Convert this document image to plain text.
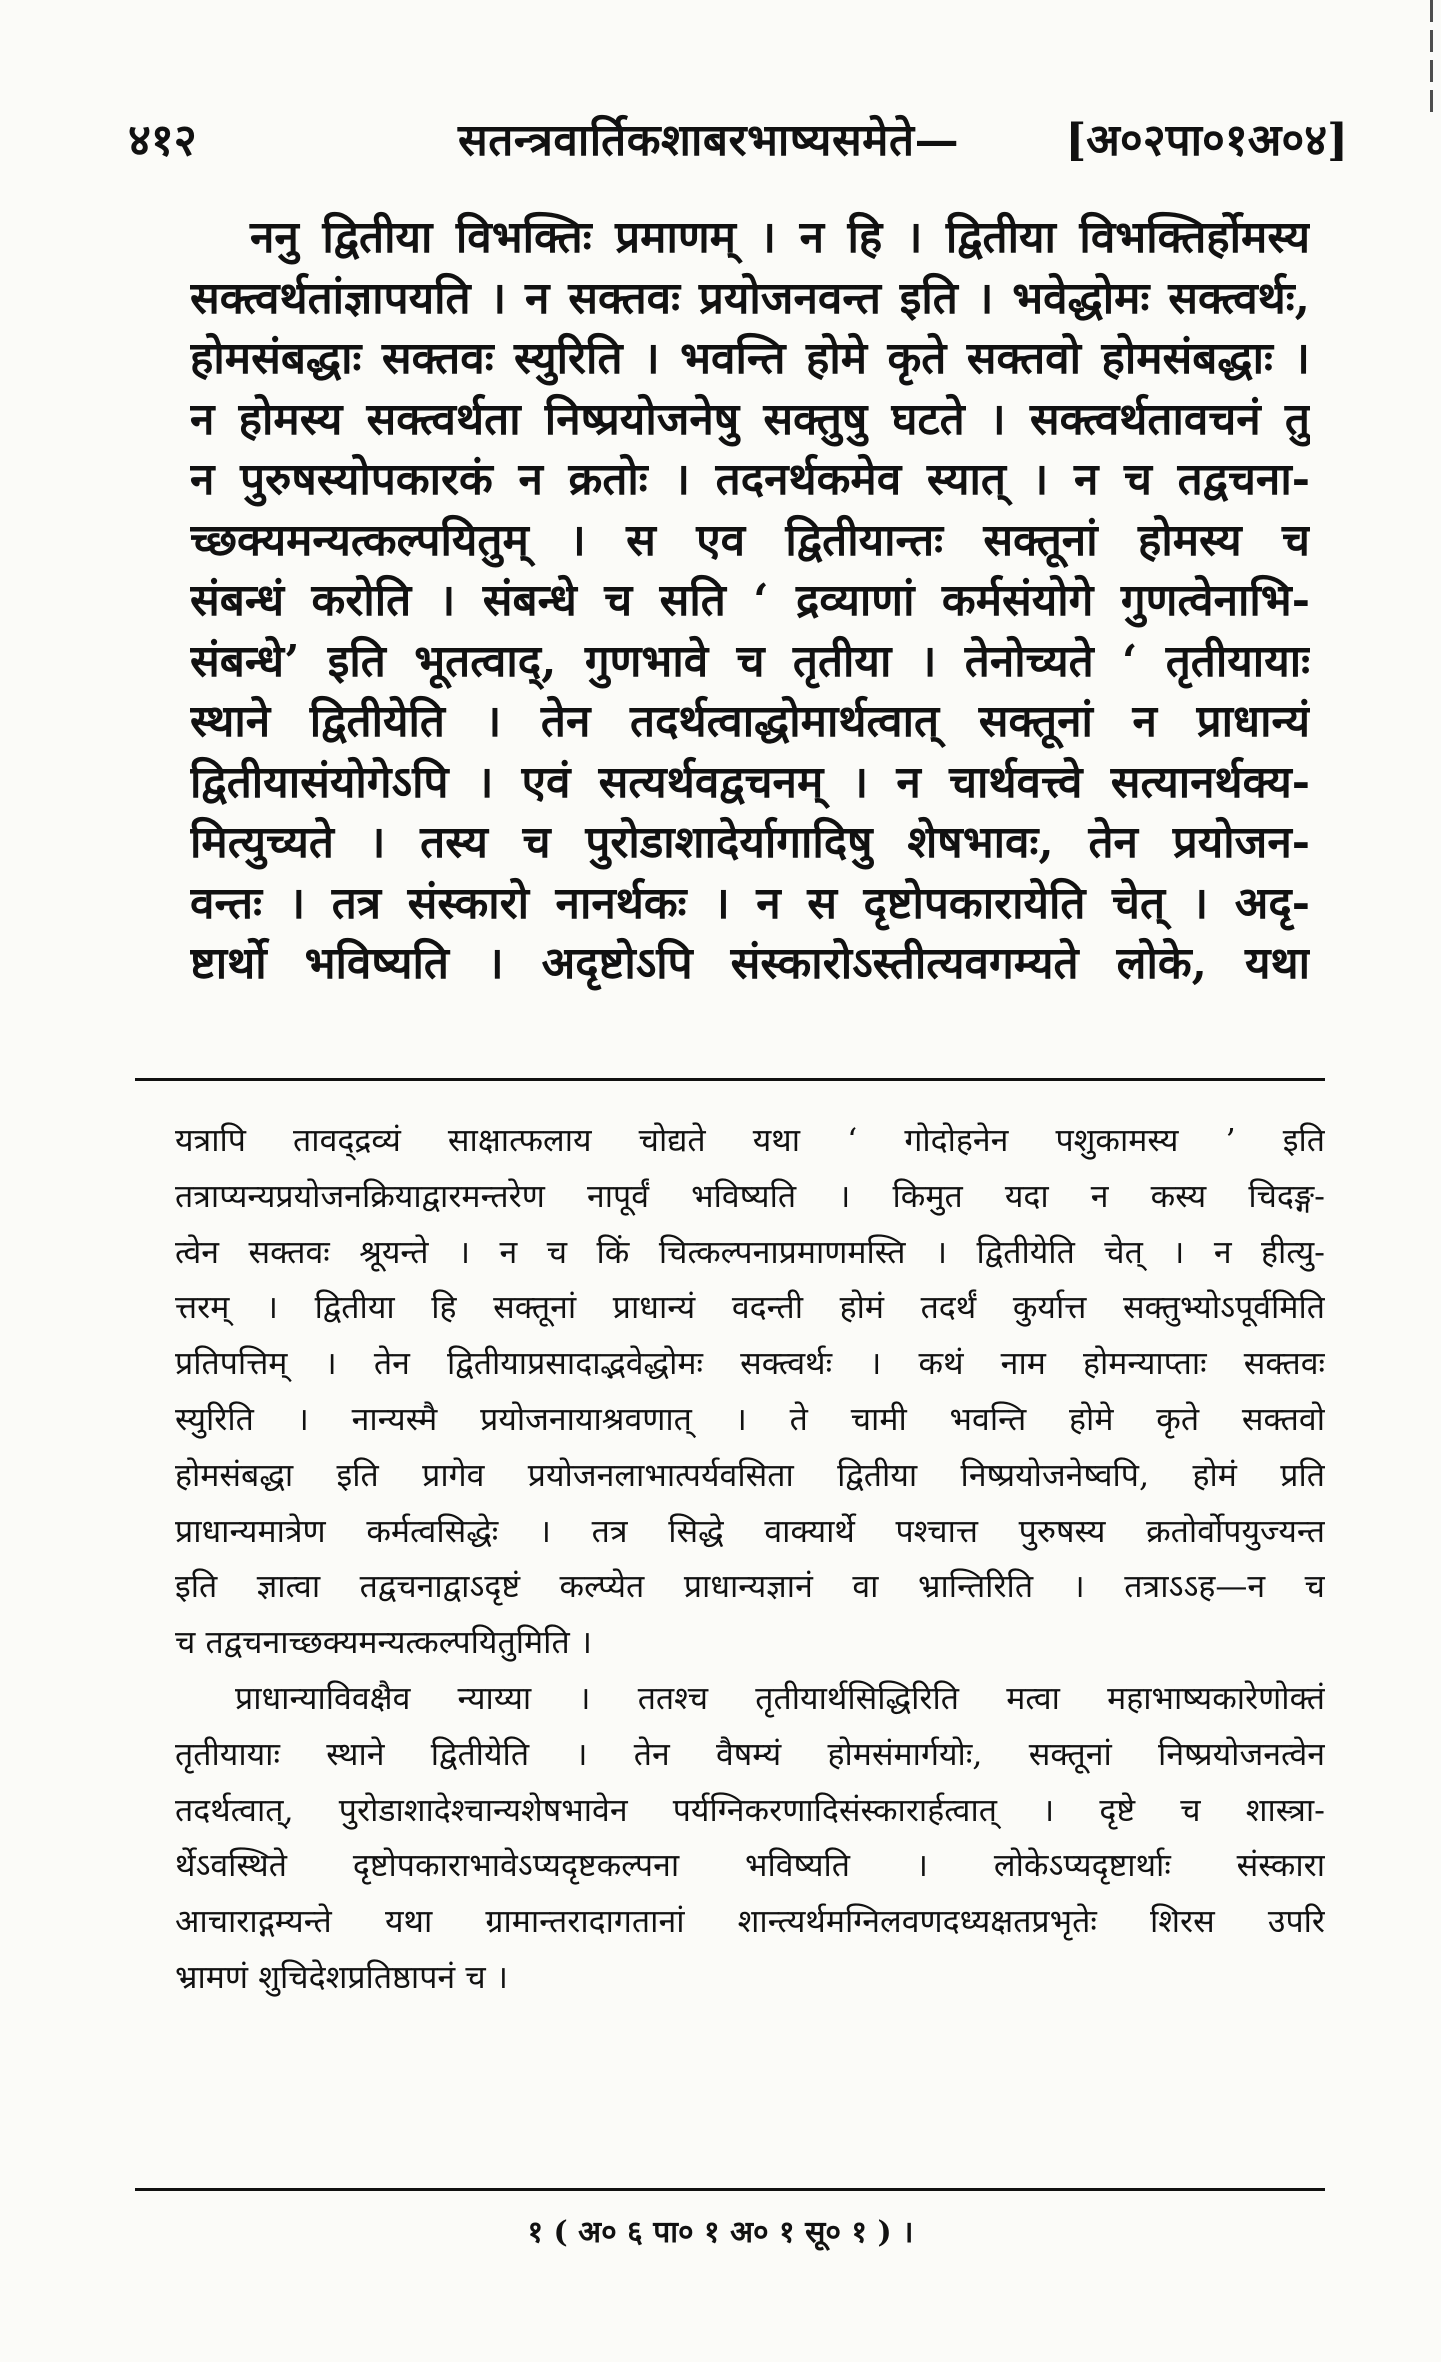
४१२	सतन्त्रवार्तिकशाबरभाष्यसमेते— [अ०२पा०१अ०४]
ननु द्वितीया विभक्तिः प्रमाणम् । न हि । द्वितीया विभक्तिर्होमस्य
सक्त्वर्थतांज्ञापयति । न सक्तवः प्रयोजनवन्त इति । भवेद्धोमः सक्त्वर्थः,
होमसंबद्धाः सक्तवः स्युरिति । भवन्ति होमे कृते सक्तवो होमसंबद्धाः ।
न होमस्य सक्त्वर्थता निष्प्रयोजनेषु सक्तुषु घटते । सक्त्वर्थतावचनं तु
न पुरुषस्योपकारकं न क्रतोः । तदनर्थकमेव स्यात् । न च तद्वचना-
च्छक्यमन्यत्कल्पयितुम् । स एव द्वितीयान्तः सक्तूनां होमस्य च
संबन्धं करोति । संबन्धे च सति ‘ द्रव्याणां कर्मसंयोगे गुणत्वेनाभि-
संबन्धे’ इति भूतत्वाद्, गुणभावे च तृतीया । तेनोच्यते ‘ तृतीयायाः
स्थाने द्वितीयेति । तेन तदर्थत्वाद्धोमार्थत्वात् सक्तूनां न प्राधान्यं
द्वितीयासंयोगेऽपि । एवं सत्यर्थवद्वचनम् । न चार्थवत्त्वे सत्यानर्थक्य-
मित्युच्यते । तस्य च पुरोडाशादेर्यागादिषु शेषभावः, तेन प्रयोजन-
वन्तः । तत्र संस्कारो नानर्थकः । न स दृष्टोपकारायेति चेत् । अदृ-
ष्टार्थो भविष्यति । अदृष्टोऽपि संस्कारोऽस्तीत्यवगम्यते लोके, यथा
यत्रापि तावद्द्रव्यं साक्षात्फलाय चोद्यते यथा ‘ गोदोहनेन पशुकामस्य ’ इति
तत्राप्यन्यप्रयोजनक्रियाद्वारमन्तरेण नापूर्वं भविष्यति । किमुत यदा न कस्य चिदङ्ग-
त्वेन सक्तवः श्रूयन्ते । न च किं चित्कल्पनाप्रमाणमस्ति । द्वितीयेति चेत् । न हीत्यु-
त्तरम् । द्वितीया हि सक्तूनां प्राधान्यं वदन्ती होमं तदर्थं कुर्यात्त सक्तुभ्योऽपूर्वमिति
प्रतिपत्तिम् । तेन द्वितीयाप्रसादाद्भवेद्धोमः सक्त्वर्थः । कथं नाम होमन्याप्ताः सक्तवः
स्युरिति । नान्यस्मै प्रयोजनायाश्रवणात् । ते चामी भवन्ति होमे कृते सक्तवो
होमसंबद्धा इति प्रागेव प्रयोजनलाभात्पर्यवसिता द्वितीया निष्प्रयोजनेष्वपि, होमं प्रति
प्राधान्यमात्रेण कर्मत्वसिद्धेः । तत्र सिद्धे वाक्यार्थे पश्चात्त पुरुषस्य क्रतोर्वोपयुज्यन्त
इति ज्ञात्वा तद्वचनाद्वाऽदृष्टं कल्प्येत प्राधान्यज्ञानं वा भ्रान्तिरिति । तत्राऽऽह—न च
च तद्वचनाच्छक्यमन्यत्कल्पयितुमिति ।
प्राधान्याविवक्षैव न्याय्या । ततश्च तृतीयार्थसिद्धिरिति मत्वा महाभाष्यकारेणोक्तं
तृतीयायाः स्थाने द्वितीयेति । तेन वैषम्यं होमसंमार्गयोः, सक्तूनां निष्प्रयोजनत्वेन
तदर्थत्वात्, पुरोडाशादेश्चान्यशेषभावेन पर्यग्निकरणादिसंस्कारार्हत्वात् । दृष्टे च शास्त्रा-
र्थेऽवस्थिते दृष्टोपकाराभावेऽप्यदृष्टकल्पना भविष्यति । लोकेऽप्यदृष्टार्थाः संस्कारा
आचाराद्गम्यन्ते यथा ग्रामान्तरादागतानां शान्त्यर्थमग्निलवणदध्यक्षतप्रभृतेः शिरस उपरि
भ्रामणं शुचिदेशप्रतिष्ठापनं च ।
१ ( अ० ६ पा० १ अ० १ सू० १ ) ।
